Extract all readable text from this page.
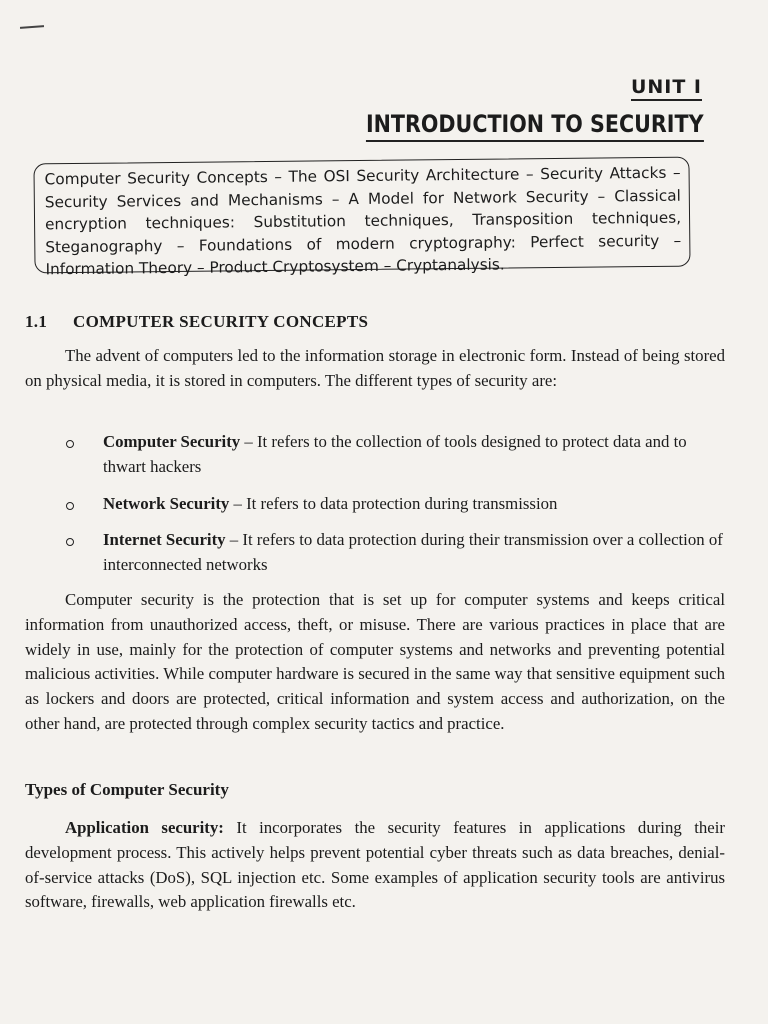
UNIT I
INTRODUCTION TO SECURITY
Computer Security Concepts – The OSI Security Architecture – Security Attacks – Security Services and Mechanisms – A Model for Network Security – Classical encryption techniques: Substitution techniques, Transposition techniques, Steganography – Foundations of modern cryptography: Perfect security – Information Theory – Product Cryptosystem – Cryptanalysis.
1.1 COMPUTER SECURITY CONCEPTS
The advent of computers led to the information storage in electronic form. Instead of being stored on physical media, it is stored in computers. The different types of security are:
Computer Security – It refers to the collection of tools designed to protect data and to thwart hackers
Network Security – It refers to data protection during transmission
Internet Security – It refers to data protection during their transmission over a collection of interconnected networks
Computer security is the protection that is set up for computer systems and keeps critical information from unauthorized access, theft, or misuse. There are various practices in place that are widely in use, mainly for the protection of computer systems and networks and preventing potential malicious activities. While computer hardware is secured in the same way that sensitive equipment such as lockers and doors are protected, critical information and system access and authorization, on the other hand, are protected through complex security tactics and practice.
Types of Computer Security
Application security: It incorporates the security features in applications during their development process. This actively helps prevent potential cyber threats such as data breaches, denial-of-service attacks (DoS), SQL injection etc. Some examples of application security tools are antivirus software, firewalls, web application firewalls etc.
